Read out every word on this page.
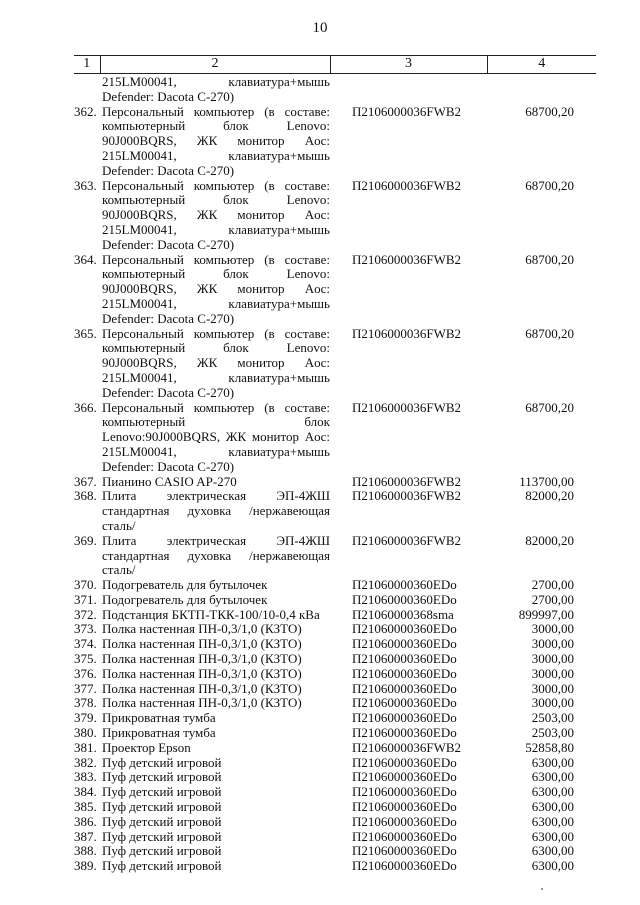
10
1	2	3	4
	215LM00041, клавиатура+мышь Defender: Dacota C-270)		
362.	Персональный компьютер (в составе: компьютерный блок Lenovo: 90J000BQRS, ЖК монитор Aoc: 215LM00041, клавиатура+мышь Defender: Dacota C-270)	П2106000036FWB2	68700,20
363.	Персональный компьютер (в составе: компьютерный блок Lenovo: 90J000BQRS, ЖК монитор Aoc: 215LM00041, клавиатура+мышь Defender: Dacota C-270)	П2106000036FWB2	68700,20
364.	Персональный компьютер (в составе: компьютерный блок Lenovo: 90J000BQRS, ЖК монитор Aoc: 215LM00041, клавиатура+мышь Defender: Dacota C-270)	П2106000036FWB2	68700,20
365.	Персональный компьютер (в составе: компьютерный блок Lenovo: 90J000BQRS, ЖК монитор Aoc: 215LM00041, клавиатура+мышь Defender: Dacota C-270)	П2106000036FWB2	68700,20
366.	Персональный компьютер (в составе: компьютерный блок Lenovo:90J000BQRS, ЖК монитор Aoc: 215LM00041, клавиатура+мышь Defender: Dacota C-270)	П2106000036FWB2	68700,20
367.	Пианино CASIO AP-270	П2106000036FWB2	113700,00
368.	Плита электрическая ЭП-4ЖШ стандартная духовка /нержавеющая сталь/	П2106000036FWB2	82000,20
369.	Плита электрическая ЭП-4ЖШ стандартная духовка /нержавеющая сталь/	П2106000036FWB2	82000,20
370.	Подогреватель для бутылочек	П21060000360EDo	2700,00
371.	Подогреватель для бутылочек	П21060000360EDo	2700,00
372.	Подстанция БКТП-ТКК-100/10-0,4 кВа	П21060000368sma	899997,00
373.	Полка настенная ПН-0,3/1,0 (КЗТО)	П21060000360EDo	3000,00
374.	Полка настенная ПН-0,3/1,0 (КЗТО)	П21060000360EDo	3000,00
375.	Полка настенная ПН-0,3/1,0 (КЗТО)	П21060000360EDo	3000,00
376.	Полка настенная ПН-0,3/1,0 (КЗТО)	П21060000360EDo	3000,00
377.	Полка настенная ПН-0,3/1,0 (КЗТО)	П21060000360EDo	3000,00
378.	Полка настенная ПН-0,3/1,0 (КЗТО)	П21060000360EDo	3000,00
379.	Прикроватная тумба	П21060000360EDo	2503,00
380.	Прикроватная тумба	П21060000360EDo	2503,00
381.	Проектор Epson	П2106000036FWB2	52858,80
382.	Пуф детский игровой	П21060000360EDo	6300,00
383.	Пуф детский игровой	П21060000360EDo	6300,00
384.	Пуф детский игровой	П21060000360EDo	6300,00
385.	Пуф детский игровой	П21060000360EDo	6300,00
386.	Пуф детский игровой	П21060000360EDo	6300,00
387.	Пуф детский игровой	П21060000360EDo	6300,00
388.	Пуф детский игровой	П21060000360EDo	6300,00
389.	Пуф детский игровой	П21060000360EDo	6300,00
